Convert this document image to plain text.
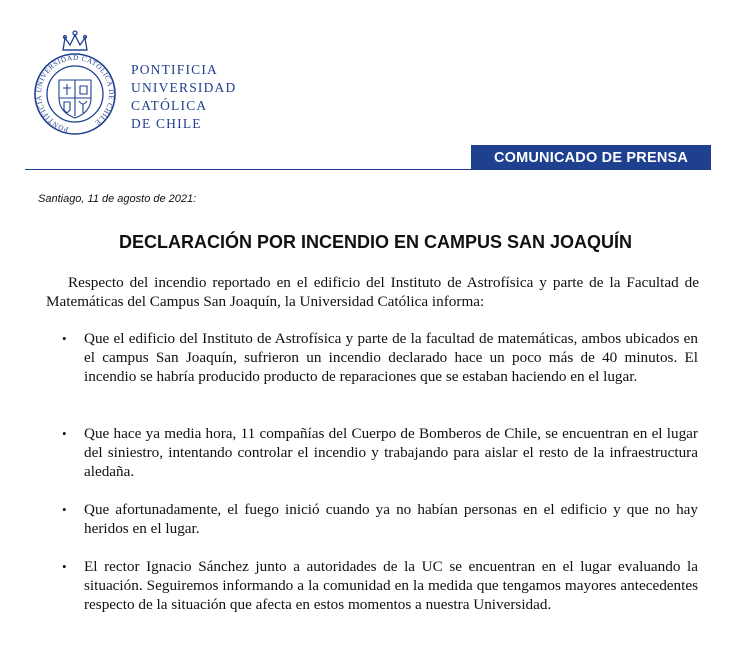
PONTIFICIA UNIVERSIDAD CATÓLICA DE CHILE
PONTIFICIA
UNIVERSIDAD
CATÓLICA
DE CHILE
COMUNICADO DE PRENSA
Santiago, 11 de agosto de 2021:
DECLARACIÓN POR INCENDIO EN CAMPUS SAN JOAQUÍN
Respecto del incendio reportado en el edificio del Instituto de Astrofísica y parte de la Facultad de Matemáticas del Campus San Joaquín, la Universidad Católica informa:
•	Que el edificio del Instituto de Astrofísica y parte de la facultad de matemáticas, ambos ubicados en el campus San Joaquín, sufrieron un incendio declarado hace un poco más de 40 minutos. El incendio se habría producido producto de reparaciones que se estaban haciendo en el lugar.
•	Que hace ya media hora, 11 compañías del Cuerpo de Bomberos de Chile, se encuentran en el lugar del siniestro, intentando controlar el incendio y trabajando para aislar el resto de la infraestructura aledaña.
•	Que afortunadamente, el fuego inició cuando ya no habían personas en el edificio y que no hay heridos en el lugar.
•	El rector Ignacio Sánchez junto a autoridades de la UC se encuentran en el lugar evaluando la situación. Seguiremos informando a la comunidad en la medida que tengamos mayores antecedentes respecto de la situación que afecta en estos momentos a nuestra Universidad.
